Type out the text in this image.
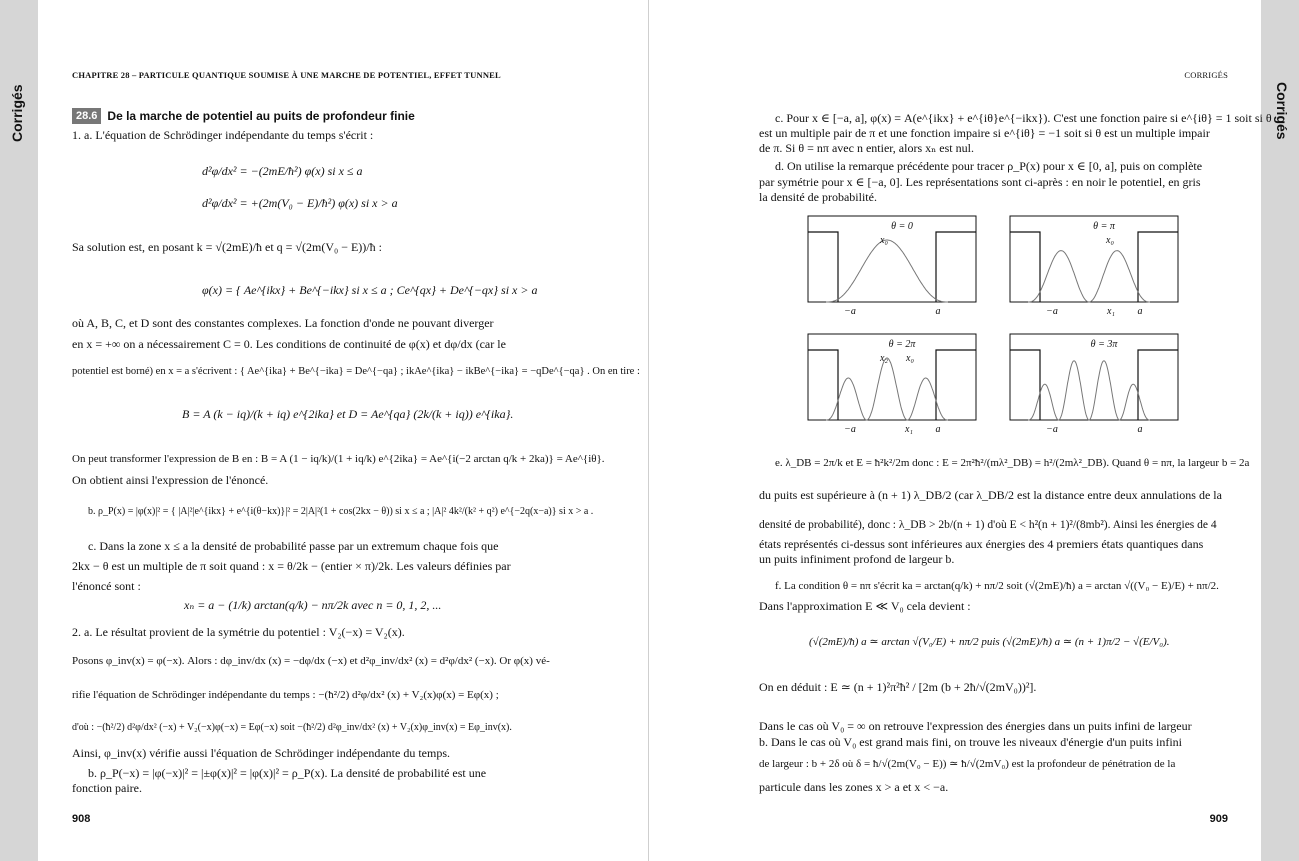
Corrigés	Corrigés
CHAPITRE 28 – PARTICULE QUANTIQUE SOUMISE À UNE MARCHE DE POTENTIEL, EFFET TUNNEL
28.6 De la marche de potentiel au puits de profondeur finie
1. a. L'équation de Schrödinger indépendante du temps s'écrit :
d²φ/dx² = −(2mE/ħ²) φ(x) si x ≤ a
d²φ/dx² = +(2m(V₀ − E)/ħ²) φ(x) si x > a
Sa solution est, en posant k = √(2mE)/ħ et q = √(2m(V₀ − E))/ħ :
φ(x) = { Ae^{ikx} + Be^{−ikx} si x ≤ a ; Ce^{qx} + De^{−qx} si x > a
où A, B, C, et D sont des constantes complexes. La fonction d'onde ne pouvant diverger
en x = +∞ on a nécessairement C = 0. Les conditions de continuité de φ(x) et dφ/dx (car le
potentiel est borné) en x = a s'écrivent : { Ae^{ika} + Be^{−ika} = De^{−qa} ; ikAe^{ika} − ikBe^{−ika} = −qDe^{−qa} . On en tire :
B = A (k − iq)/(k + iq) e^{2ika} et D = Ae^{qa} (2k/(k + iq)) e^{ika}.
On peut transformer l'expression de B en : B = A (1 − iq/k)/(1 + iq/k) e^{2ika} = Ae^{i(−2 arctan q/k + 2ka)} = Ae^{iθ}.
On obtient ainsi l'expression de l'énoncé.
b. ρ_P(x) = |φ(x)|² = { |A|²|e^{ikx} + e^{i(θ−kx)}|² = 2|A|²(1 + cos(2kx − θ)) si x ≤ a ; |A|² 4k²/(k² + q²) e^{−2q(x−a)} si x > a .
c. Dans la zone x ≤ a la densité de probabilité passe par un extremum chaque fois que
2kx − θ est un multiple de π soit quand : x = θ/2k − (entier × π)/2k. Les valeurs définies par
l'énoncé sont :
xₙ = a − (1/k) arctan(q/k) − nπ/2k avec n = 0, 1, 2, ...
2. a. Le résultat provient de la symétrie du potentiel : V₂(−x) = V₂(x).
Posons φ_inv(x) = φ(−x). Alors : dφ_inv/dx (x) = −dφ/dx (−x) et d²φ_inv/dx² (x) = d²φ/dx² (−x). Or φ(x) vé-
rifie l'équation de Schrödinger indépendante du temps : −(ħ²/2) d²φ/dx² (x) + V₂(x)φ(x) = Eφ(x) ;
d'où : −(ħ²/2) d²φ/dx² (−x) + V₂(−x)φ(−x) = Eφ(−x) soit −(ħ²/2) d²φ_inv/dx² (x) + V₂(x)φ_inv(x) = Eφ_inv(x).
Ainsi, φ_inv(x) vérifie aussi l'équation de Schrödinger indépendante du temps.
b. ρ_P(−x) = |φ(−x)|² = |±φ(x)|² = |φ(x)|² = ρ_P(x). La densité de probabilité est une
fonction paire.
908
CORRIGÉS
c. Pour x ∈ [−a, a], φ(x) = A(e^{ikx} + e^{iθ}e^{−ikx}). C'est une fonction paire si e^{iθ} = 1 soit si θ
est un multiple pair de π et une fonction impaire si e^{iθ} = −1 soit si θ est un multiple impair
de π. Si θ = nπ avec n entier, alors xₙ est nul.
d. On utilise la remarque précédente pour tracer ρ_P(x) pour x ∈ [0, a], puis on complète
par symétrie pour x ∈ [−a, 0]. Les représentations sont ci-après : en noir le potentiel, en gris
la densité de probabilité.
e. λ_DB = 2π/k et E = ħ²k²/2m donc : E = 2π²ħ²/(mλ²_DB) = h²/(2mλ²_DB). Quand θ = nπ, la largeur b = 2a
du puits est supérieure à (n + 1) λ_DB/2 (car λ_DB/2 est la distance entre deux annulations de la
densité de probabilité), donc : λ_DB > 2b/(n + 1) d'où E < h²(n + 1)²/(8mb²). Ainsi les énergies de 4
états représentés ci-dessus sont inférieures aux énergies des 4 premiers états quantiques dans
un puits infiniment profond de largeur b.
f. La condition θ = nπ s'écrit ka = arctan(q/k) + nπ/2 soit (√(2mE)/ħ) a = arctan √((V₀ − E)/E) + nπ/2.
Dans l'approximation E ≪ V₀ cela devient :
(√(2mE)/ħ) a ≃ arctan √(V₀/E) + nπ/2 puis (√(2mE)/ħ) a ≃ (n + 1)π/2 − √(E/V₀).
On en déduit : E ≃ (n + 1)²π²ħ² / [2m (b + 2ħ/√(2mV₀))²].
Dans le cas où V₀ = ∞ on retrouve l'expression des énergies dans un puits infini de largeur
b. Dans le cas où V₀ est grand mais fini, on trouve les niveaux d'énergie d'un puits infini
de largeur : b + 2δ où δ = ħ/√(2m(V₀ − E)) ≃ ħ/√(2mV₀) est la profondeur de pénétration de la
particule dans les zones x > a et x < −a.
θ = 0
x₀
−a	a
θ = π
x₀
−a	x₁ a
θ = 2π
x₂ x₀
−a	x₁ a
θ = 3π
−a	a
909
